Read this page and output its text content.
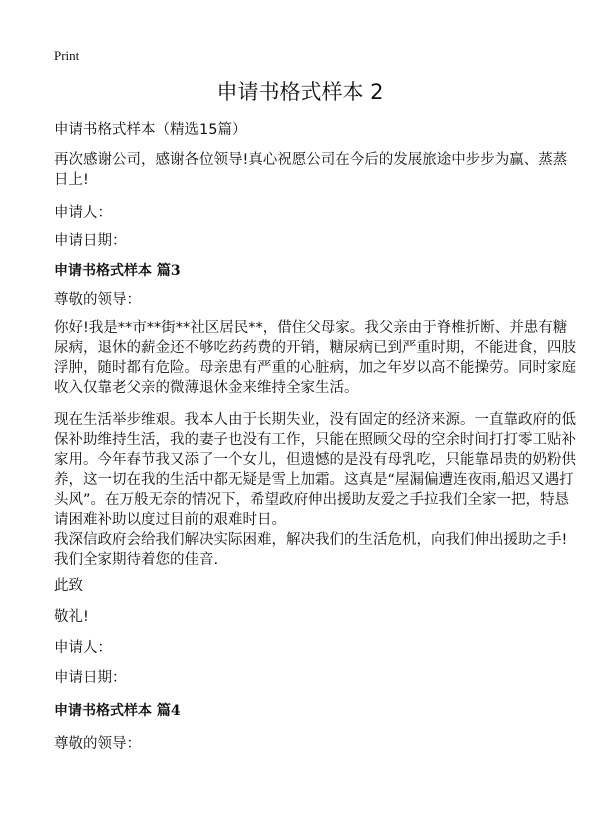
Print
申请书格式样本 2
申请书格式样本（精选15篇）
再次感谢公司，感谢各位领导!真心祝愿公司在今后的发展旅途中步步为赢、蒸蒸
日上!
申请人：
申请日期：
申请书格式样本 篇3
尊敬的领导：
你好!我是**市**街**社区居民**，借住父母家。我父亲由于脊椎折断、并患有糖
尿病，退休的薪金还不够吃药药费的开销，糖尿病已到严重时期，不能进食，四肢
浮肿，随时都有危险。母亲患有严重的心脏病，加之年岁以高不能操劳。同时家庭
收入仅靠老父亲的微薄退休金来维持全家生活。
现在生活举步维艰。我本人由于长期失业，没有固定的经济来源。一直靠政府的低
保补助维持生活，我的妻子也没有工作，只能在照顾父母的空余时间打打零工贴补
家用。今年春节我又添了一个女儿，但遗憾的是没有母乳吃，只能靠昂贵的奶粉供
养，这一切在我的生活中都无疑是雪上加霜。这真是“屋漏偏遭连夜雨,船迟又遇打
头风”。在万般无奈的情况下，希望政府伸出援助友爱之手拉我们全家一把，特恳
请困难补助以度过目前的艰难时日。
我深信政府会给我们解决实际困难，解决我们的生活危机，向我们伸出援助之手!
我们全家期待着您的佳音.
此致
敬礼!
申请人：
申请日期：
申请书格式样本 篇4
尊敬的领导：
